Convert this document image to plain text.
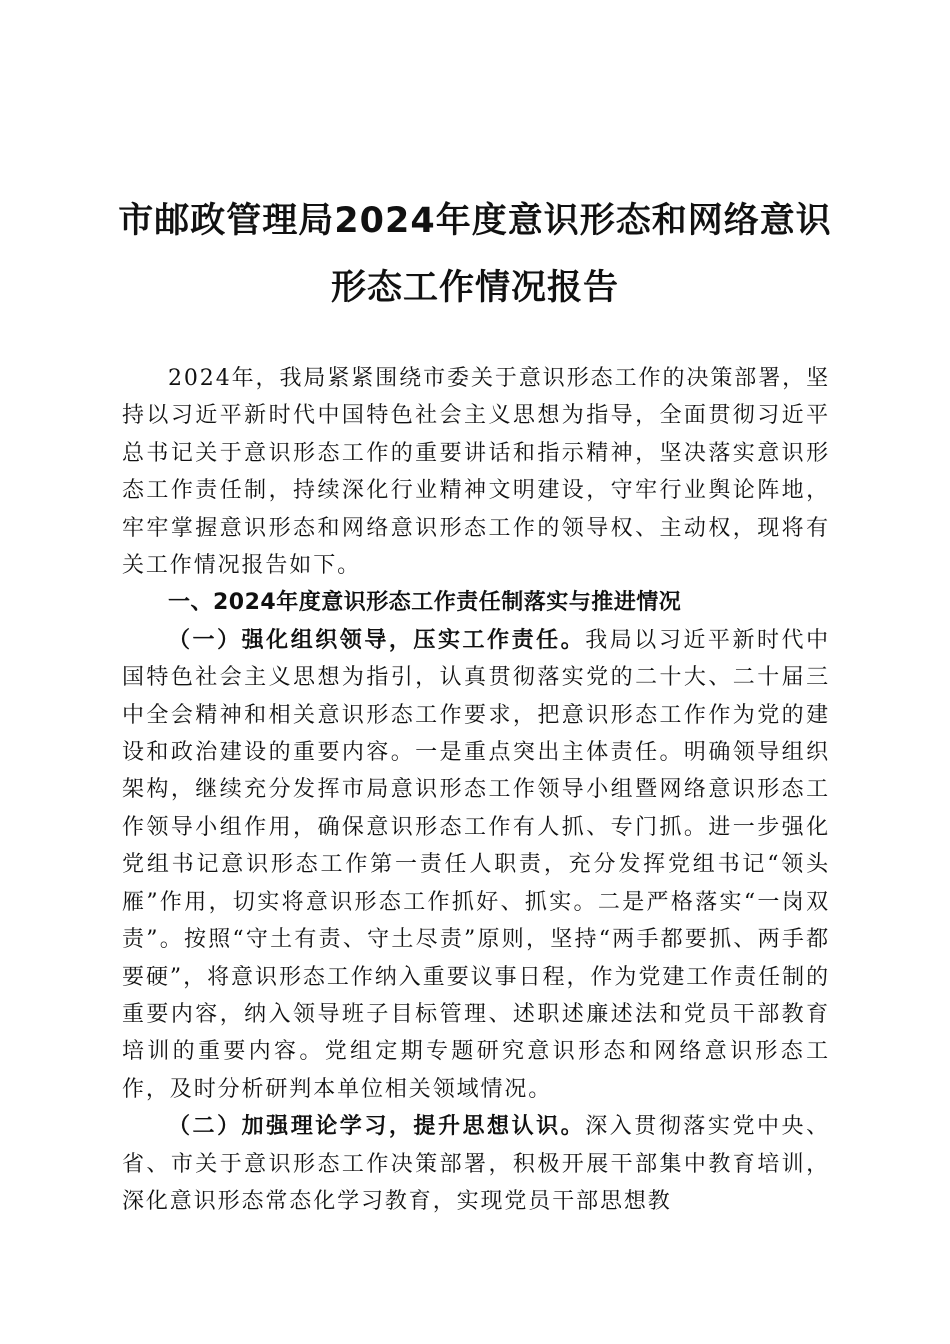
市邮政管理局2024年度意识形态和网络意识
形态工作情况报告

2024年，我局紧紧围绕市委关于意识形态工作的决策部署，坚持以习近平新时代中国特色社会主义思想为指导，全面贯彻习近平总书记关于意识形态工作的重要讲话和指示精神，坚决落实意识形态工作责任制，持续深化行业精神文明建设，守牢行业舆论阵地，牢牢掌握意识形态和网络意识形态工作的领导权、主动权，现将有关工作情况报告如下。

一、2024年度意识形态工作责任制落实与推进情况

（一）强化组织领导，压实工作责任。我局以习近平新时代中国特色社会主义思想为指引，认真贯彻落实党的二十大、二十届三中全会精神和相关意识形态工作要求，把意识形态工作作为党的建设和政治建设的重要内容。一是重点突出主体责任。明确领导组织架构，继续充分发挥市局意识形态工作领导小组暨网络意识形态工作领导小组作用，确保意识形态工作有人抓、专门抓。进一步强化党组书记意识形态工作第一责任人职责，充分发挥党组书记“领头雁”作用，切实将意识形态工作抓好、抓实。二是严格落实“一岗双责”。按照“守土有责、守土尽责”原则，坚持“两手都要抓、两手都要硬”，将意识形态工作纳入重要议事日程，作为党建工作责任制的重要内容，纳入领导班子目标管理、述职述廉述法和党员干部教育培训的重要内容。党组定期专题研究意识形态和网络意识形态工作，及时分析研判本单位相关领域情况。

（二）加强理论学习，提升思想认识。深入贯彻落实党中央、省、市关于意识形态工作决策部署，积极开展干部集中教育培训，深化意识形态常态化学习教育，实现党员干部思想教
